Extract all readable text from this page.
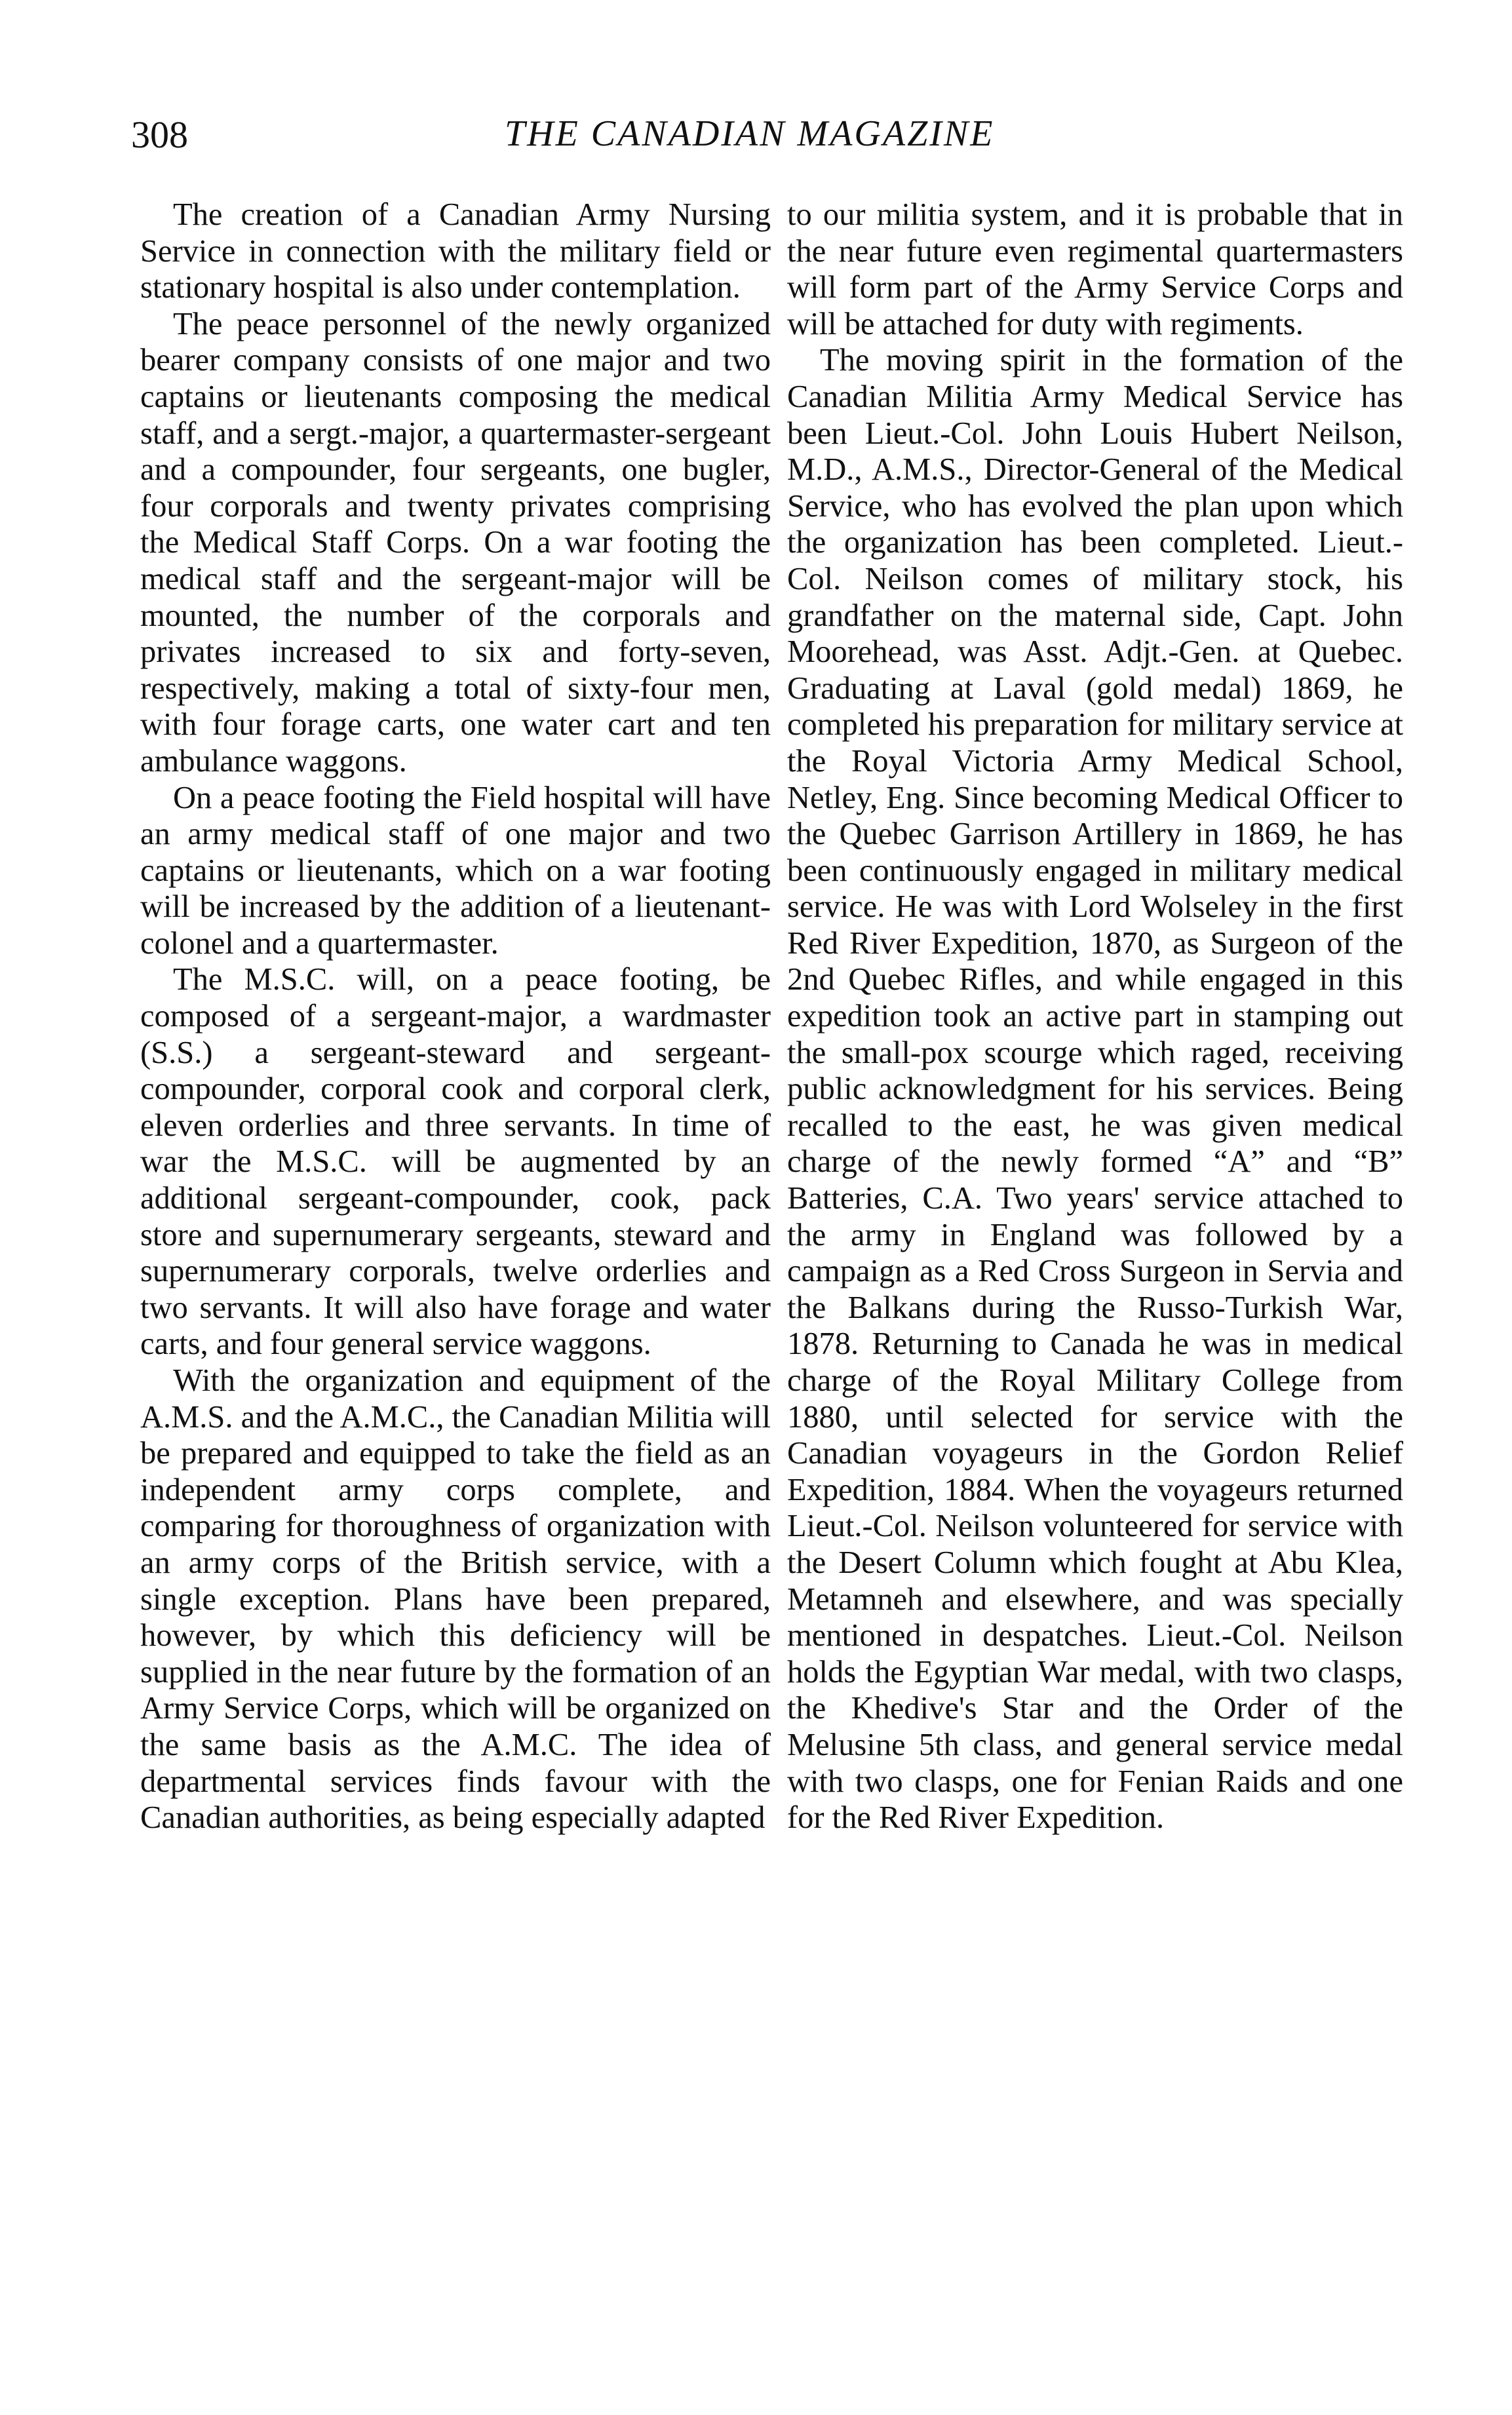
308	THE CANADIAN MAGAZINE

The creation of a Canadian Army Nursing Service in connection with the military field or stationary hospital is also under contemplation.

The peace personnel of the newly organized bearer company consists of one major and two captains or lieutenants composing the medical staff, and a sergt.-major, a quartermaster-sergeant and a compounder, four sergeants, one bugler, four corporals and twenty privates comprising the Medical Staff Corps. On a war footing the medical staff and the sergeant-major will be mounted, the number of the corporals and privates increased to six and forty-seven, respectively, making a total of sixty-four men, with four forage carts, one water cart and ten ambulance waggons.

On a peace footing the Field hospital will have an army medical staff of one major and two captains or lieutenants, which on a war footing will be increased by the addition of a lieutenant-colonel and a quartermaster.

The M.S.C. will, on a peace footing, be composed of a sergeant-major, a wardmaster (S.S.) a sergeant-steward and sergeant-compounder, corporal cook and corporal clerk, eleven orderlies and three servants. In time of war the M.S.C. will be augmented by an additional sergeant-compounder, cook, pack store and supernumerary sergeants, steward and supernumerary corporals, twelve orderlies and two servants. It will also have forage and water carts, and four general service waggons.

With the organization and equipment of the A.M.S. and the A.M.C., the Canadian Militia will be prepared and equipped to take the field as an independent army corps complete, and comparing for thoroughness of organization with an army corps of the British service, with a single exception. Plans have been prepared, however, by which this deficiency will be supplied in the near future by the formation of an Army Service Corps, which will be organized on the same basis as the A.M.C. The idea of departmental services finds favour with the Canadian authorities, as being especially adapted

to our militia system, and it is probable that in the near future even regimental quartermasters will form part of the Army Service Corps and will be attached for duty with regiments.

The moving spirit in the formation of the Canadian Militia Army Medical Service has been Lieut.-Col. John Louis Hubert Neilson, M.D., A.M.S., Director-General of the Medical Service, who has evolved the plan upon which the organization has been completed. Lieut.-Col. Neilson comes of military stock, his grandfather on the maternal side, Capt. John Moorehead, was Asst. Adjt.-Gen. at Quebec. Graduating at Laval (gold medal) 1869, he completed his preparation for military service at the Royal Victoria Army Medical School, Netley, Eng. Since becoming Medical Officer to the Quebec Garrison Artillery in 1869, he has been continuously engaged in military medical service. He was with Lord Wolseley in the first Red River Expedition, 1870, as Surgeon of the 2nd Quebec Rifles, and while engaged in this expedition took an active part in stamping out the small-pox scourge which raged, receiving public acknowledgment for his services. Being recalled to the east, he was given medical charge of the newly formed “A” and “B” Batteries, C.A. Two years' service attached to the army in England was followed by a campaign as a Red Cross Surgeon in Servia and the Balkans during the Russo-Turkish War, 1878. Returning to Canada he was in medical charge of the Royal Military College from 1880, until selected for service with the Canadian voyageurs in the Gordon Relief Expedition, 1884. When the voyageurs returned Lieut.-Col. Neilson volunteered for service with the Desert Column which fought at Abu Klea, Metamneh and elsewhere, and was specially mentioned in despatches. Lieut.-Col. Neilson holds the Egyptian War medal, with two clasps, the Khedive's Star and the Order of the Melusine 5th class, and general service medal with two clasps, one for Fenian Raids and one for the Red River Expedition.
